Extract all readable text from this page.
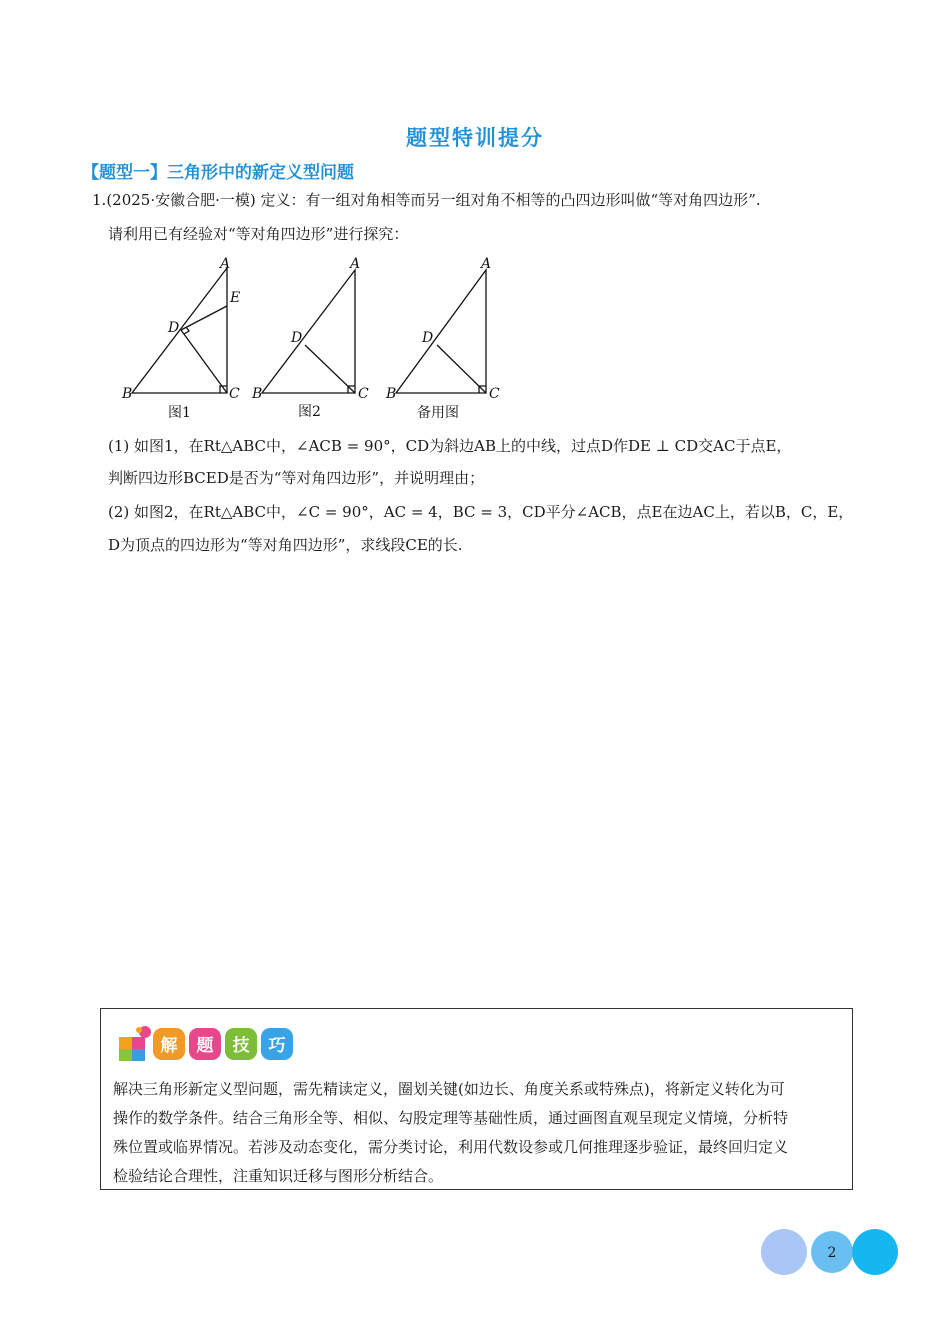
题型特训提分
【题型一】三角形中的新定义型问题
1.(2025·安徽合肥·一模) 定义：有一组对角相等而另一组对角不相等的凸四边形叫做“等对角四边形”.
请利用已有经验对“等对角四边形”进行探究：
A
E
D
B	C
A
D
B	C
A
D
B	C
图1	图2	备用图
(1) 如图1，在Rt△ABC中，∠ACB = 90°，CD为斜边AB上的中线，过点D作DE ⊥ CD交AC于点E，
判断四边形BCED是否为“等对角四边形”，并说明理由；
(2) 如图2，在Rt△ABC中，∠C = 90°，AC = 4，BC = 3，CD平分∠ACB，点E在边AC上，若以B，C，E，
D为顶点的四边形为“等对角四边形”，求线段CE的长.
解 题 技 巧
解决三角形新定义型问题，需先精读定义，圈划关键(如边长、角度关系或特殊点)，将新定义转化为可
操作的数学条件。结合三角形全等、相似、勾股定理等基础性质，通过画图直观呈现定义情境，分析特
殊位置或临界情况。若涉及动态变化，需分类讨论，利用代数设参或几何推理逐步验证，最终回归定义
检验结论合理性，注重知识迁移与图形分析结合。
2
